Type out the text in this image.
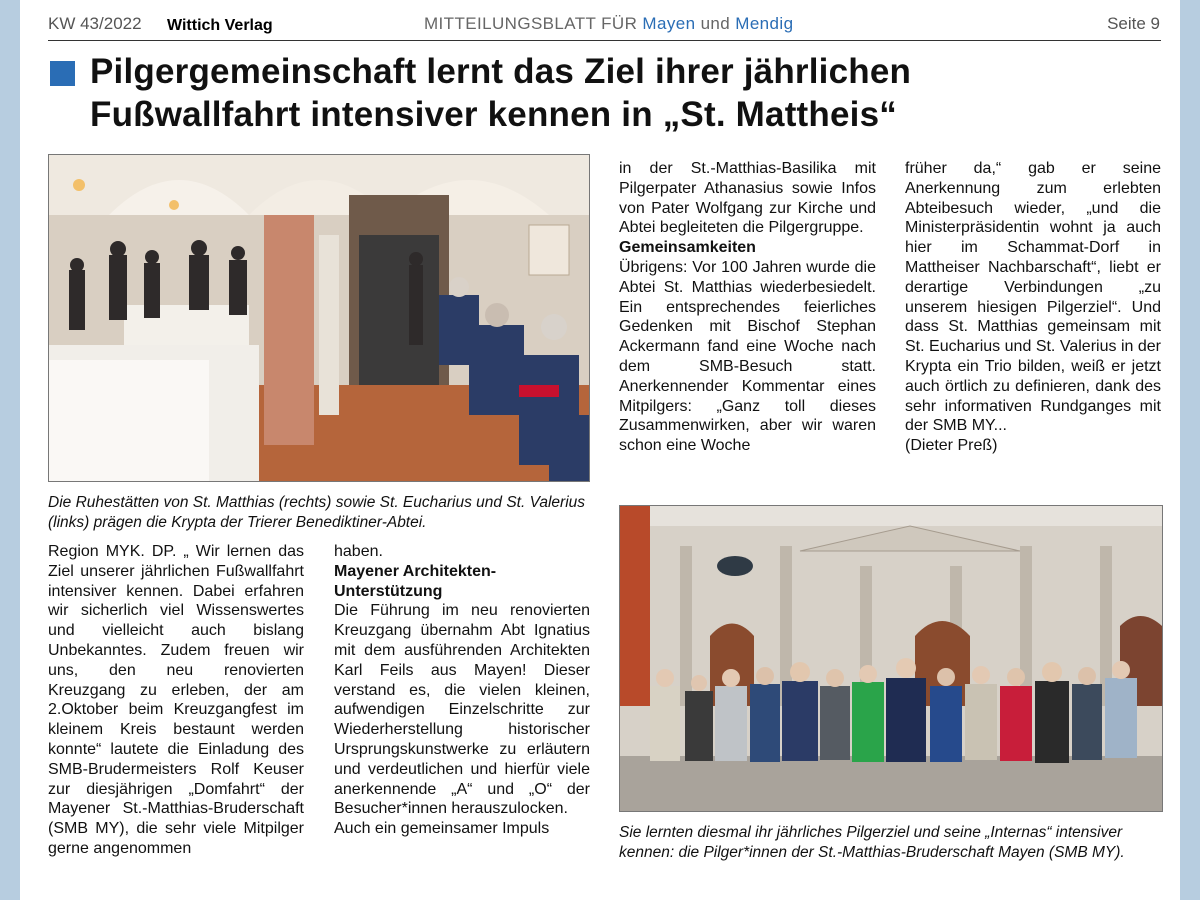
KW 43/2022 Wittich Verlag	MITTEILUNGSBLATT FÜR Mayen und Mendig	Seite 9
Pilgergemeinschaft lernt das Ziel ihrer jährlichen
Fußwallfahrt intensiver kennen in „St. Mattheis“
Die Ruhestätten von St. Matthias (rechts) sowie St. Eucharius und St. Valerius (links) prägen die Krypta der Trierer Benediktiner-Abtei.

Region MYK. DP. „ Wir lernen das Ziel unserer jährlichen Fußwallfahrt intensiver kennen. Dabei erfahren wir sicherlich viel Wissenswertes und vielleicht auch bislang Unbekanntes. Zudem freuen wir uns, den neu renovierten Kreuzgang zu erleben, der am 2.Oktober beim Kreuzgangfest im kleinem Kreis bestaunt werden konnte“ lautete die Einladung des SMB-Brudermeisters Rolf Keuser zur diesjährigen „Domfahrt“ der Mayener St.-Matthias-Bruderschaft (SMB MY), die sehr viele Mitpilger gerne angenommen

haben.

Mayener Architekten-Unterstützung

Die Führung im neu renovierten Kreuzgang übernahm Abt Ignatius mit dem ausführenden Architekten Karl Feils aus Mayen! Dieser verstand es, die vielen kleinen, aufwendigen Einzelschritte zur Wiederherstellung historischer Ursprungskunstwerke zu erläutern und verdeutlichen und hierfür viele anerkennende „A“ und „O“ der Besucher*innen herauszulocken.

Auch ein gemeinsamer Impuls

in der St.-Matthias-Basilika mit Pilgerpater Athanasius sowie Infos von Pater Wolfgang zur Kirche und Abtei begleiteten die Pilgergruppe.

Gemeinsamkeiten

Übrigens: Vor 100 Jahren wurde die Abtei St. Matthias wiederbesiedelt. Ein entsprechendes feierliches Gedenken mit Bischof Stephan Ackermann fand eine Woche nach dem SMB-Besuch statt. Anerkennender Kommentar eines Mitpilgers: „Ganz toll dieses Zusammenwirken, aber wir waren schon eine Woche

früher da,“ gab er seine Anerkennung zum erlebten Abteibesuch wieder, „und die Ministerpräsidentin wohnt ja auch hier im Schammat-Dorf in Mattheiser Nachbarschaft“, liebt er derartige Verbindungen „zu unserem hiesigen Pilgerziel“. Und dass St. Matthias gemeinsam mit St. Eucharius und St. Valerius in der Krypta ein Trio bilden, weiß er jetzt auch örtlich zu definieren, dank des sehr informativen Rundganges mit der SMB MY...

(Dieter Preß)

Sie lernten diesmal ihr jährliches Pilgerziel und seine „Internas“ intensiver kennen: die Pilger*innen der St.-Matthias-Bruderschaft Mayen (SMB MY).
